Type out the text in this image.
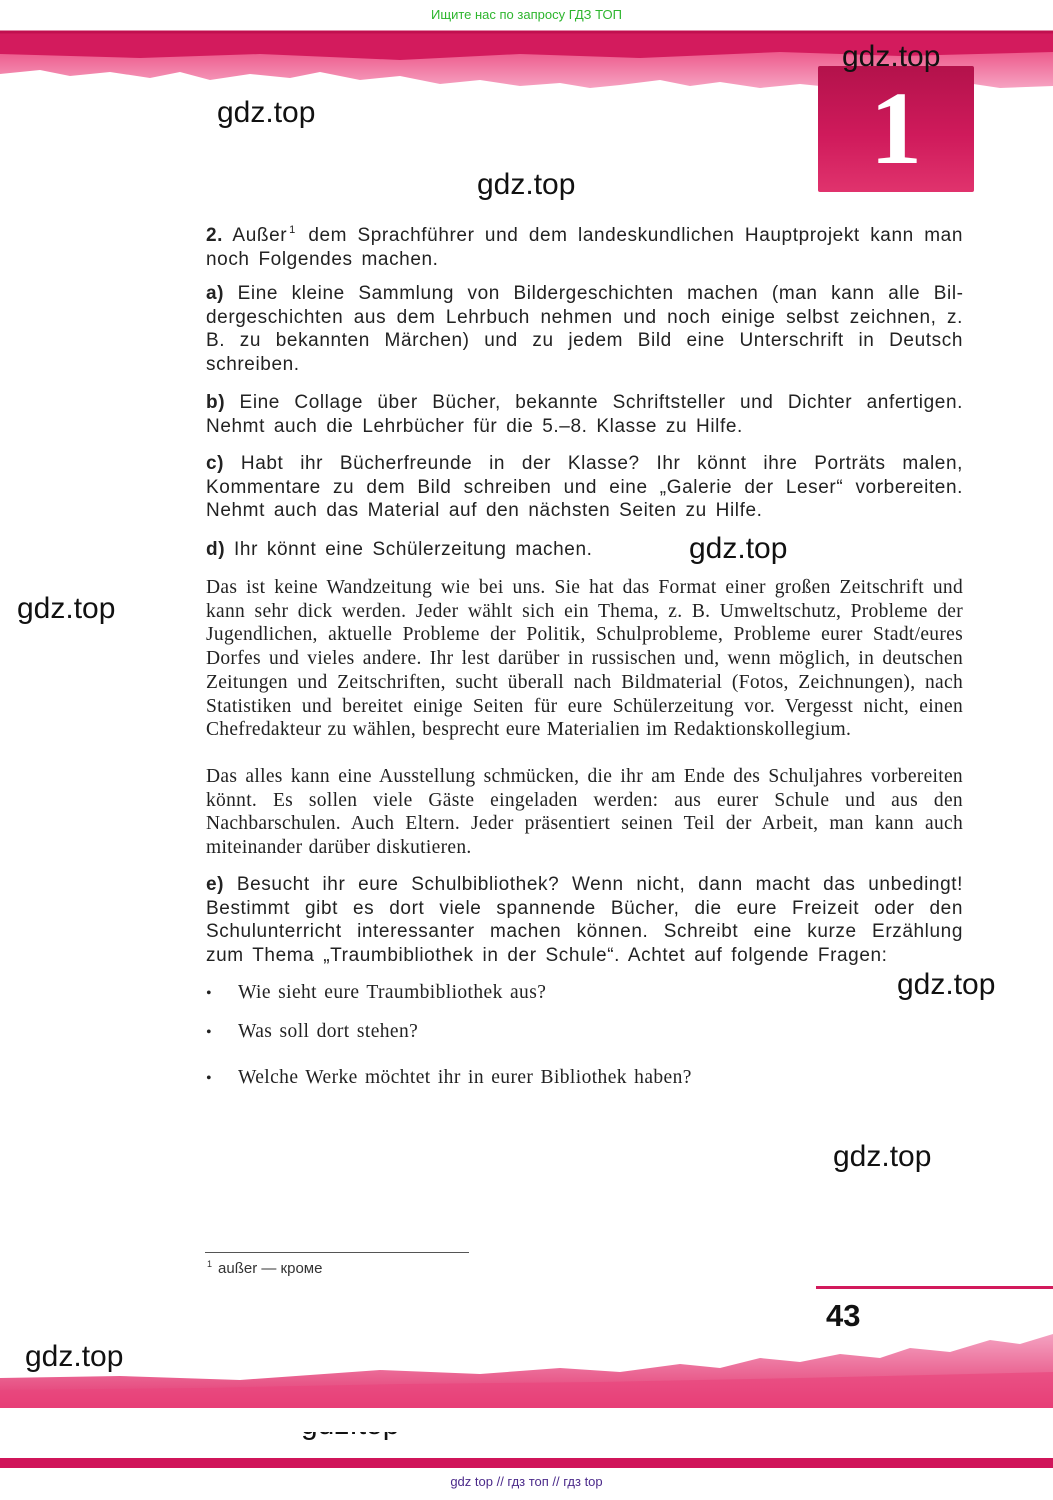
Ищите нас по запросу ГДЗ ТОП
1
gdz.top
gdz.top
gdz.top
gdz.top
gdz.top
gdz.top
gdz.top
gdz.top
2. Außer $^1$ dem Sprachführer und dem landeskundlichen Hauptprojekt kann man noch Folgendes machen.
a) Eine kleine Sammlung von Bildergeschichten machen (man kann alle Bildergeschichten aus dem Lehrbuch nehmen und noch einige selbst zeichnen, z. B. zu bekannten Märchen) und zu jedem Bild eine Unterschrift in Deutsch schreiben.
b) Eine Collage über Bücher, bekannte Schriftsteller und Dichter anfertigen. Nehmt auch die Lehrbücher für die 5.–8. Klasse zu Hilfe.
c) Habt ihr Bücherfreunde in der Klasse? Ihr könnt ihre Porträts malen, Kommentare zu dem Bild schreiben und eine „Galerie der Leser“ vorbereiten. Nehmt auch das Material auf den nächsten Seiten zu Hilfe.
d) Ihr könnt eine Schülerzeitung machen.
Das ist keine Wandzeitung wie bei uns. Sie hat das Format einer großen Zeitschrift und kann sehr dick werden. Jeder wählt sich ein Thema, z. B. Umweltschutz, Probleme der Jugendlichen, aktuelle Probleme der Politik, Schulprobleme, Probleme eurer Stadt/eures Dorfes und vieles andere. Ihr lest darüber in russischen und, wenn möglich, in deutschen Zeitungen und Zeitschriften, sucht überall nach Bildmaterial (Fotos, Zeichnungen), nach Statistiken und bereitet einige Seiten für eure Schülerzeitung vor. Vergesst nicht, einen Chefredakteur zu wählen, besprecht eure Materialien im Redaktionskollegium.
Das alles kann eine Ausstellung schmücken, die ihr am Ende des Schuljahres vorbereiten könnt. Es sollen viele Gäste eingeladen werden: aus eurer Schule und aus den Nachbarschulen. Auch Eltern. Jeder präsentiert seinen Teil der Arbeit, man kann auch miteinander darüber diskutieren.
e) Besucht ihr eure Schulbibliothek? Wenn nicht, dann macht das unbedingt! Bestimmt gibt es dort viele spannende Bücher, die eure Freizeit oder den Schulunterricht interessanter machen können. Schreibt eine kurze Erzählung zum Thema „Traumbibliothek in der Schule“. Achtet auf folgende Fragen:
• Wie sieht eure Traumbibliothek aus?
• Was soll dort stehen?
• Welche Werke möchtet ihr in eurer Bibliothek haben?
$^1$ außer — кроме
43
gdz top // гдз топ // гдз top
